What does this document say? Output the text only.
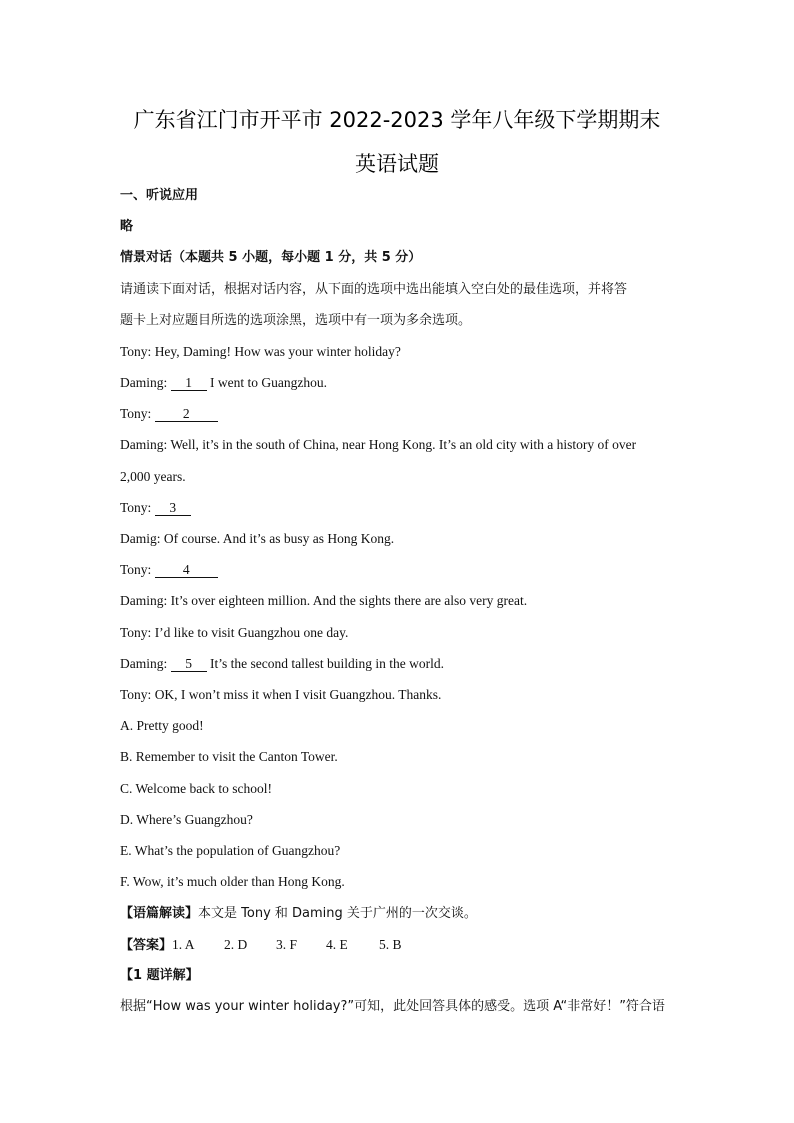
广东省江门市开平市 2022-2023 学年八年级下学期期末
英语试题
一、听说应用
略
情景对话（本题共 5 小题，每小题 1 分，共 5 分）
请通读下面对话，根据对话内容，从下面的选项中选出能填入空白处的最佳选项，并将答
题卡上对应题目所选的选项涂黑，选项中有一项为多余选项。
Tony: Hey, Daming! How was your winter holiday?
Daming: 1 I went to Guangzhou.
Tony: 2
Daming: Well, it’s in the south of China, near Hong Kong. It’s an old city with a history of over
2,000 years.
Tony: 3
Damig: Of course. And it’s as busy as Hong Kong.
Tony: 4
Daming: It’s over eighteen million. And the sights there are also very great.
Tony: I’d like to visit Guangzhou one day.
Daming: 5 It’s the second tallest building in the world.
Tony: OK, I won’t miss it when I visit Guangzhou. Thanks.
A. Pretty good!
B. Remember to visit the Canton Tower.
C. Welcome back to school!
D. Where’s Guangzhou?
E. What’s the population of Guangzhou?
F. Wow, it’s much older than Hong Kong.
【语篇解读】本文是 Tony 和 Daming 关于广州的一次交谈。
【答案】1. A 2. D 3. F 4. E 5. B
【1 题详解】
根据“How was your winter holiday?”可知，此处回答具体的感受。选项 A“非常好！”符合语
